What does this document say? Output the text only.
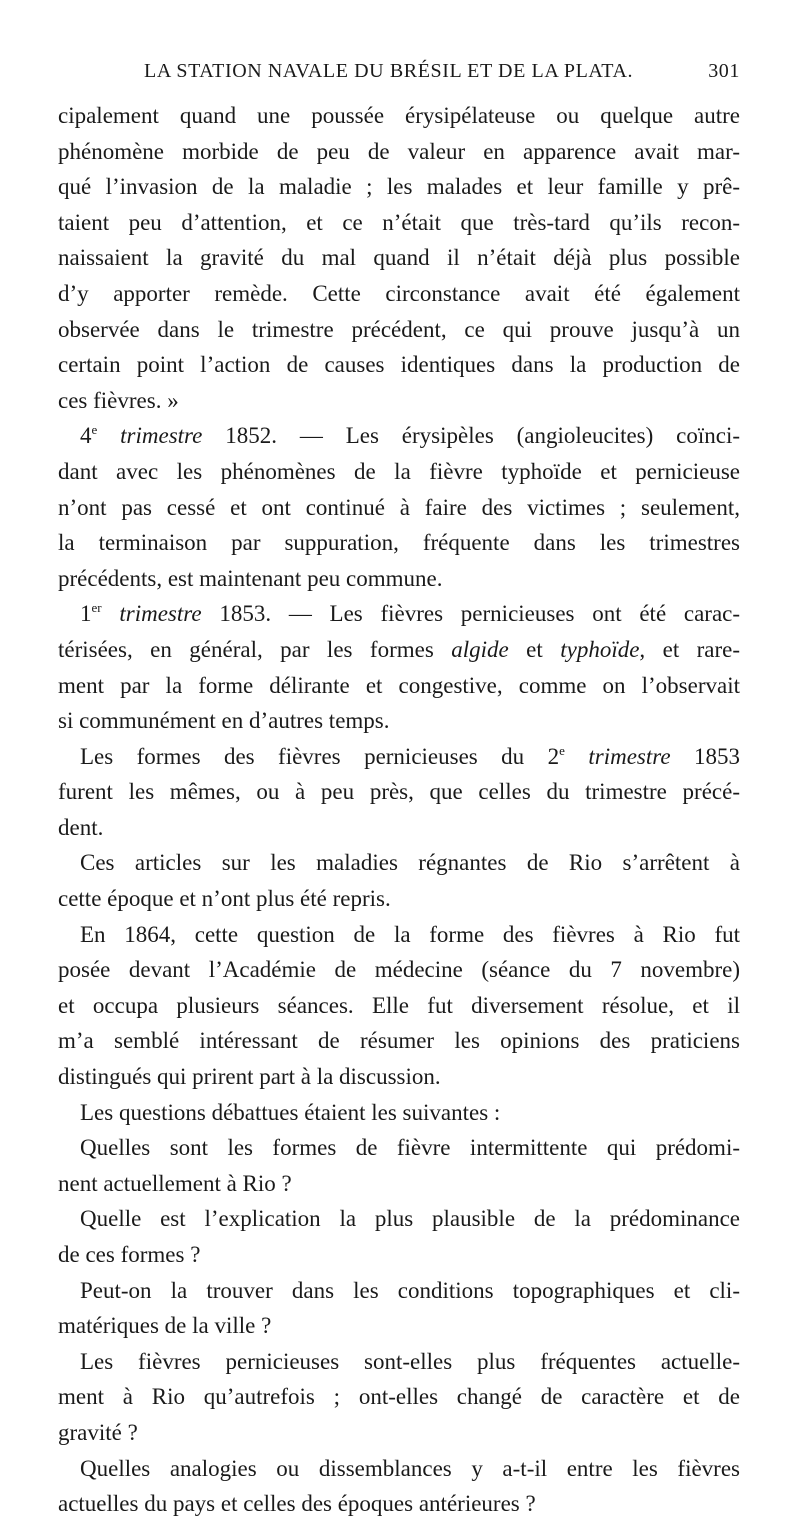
LA STATION NAVALE DU BRÉSIL ET DE LA PLATA.	301
cipalement quand une poussée érysipélateuse ou quelque autre
phénomène morbide de peu de valeur en apparence avait mar-
qué l’invasion de la maladie ; les malades et leur famille y prê-
taient peu d’attention, et ce n’était que très-tard qu’ils recon-
naissaient la gravité du mal quand il n’était déjà plus possible
d’y apporter remède. Cette circonstance avait été également
observée dans le trimestre précédent, ce qui prouve jusqu’à un
certain point l’action de causes identiques dans la production de
ces fièvres. »
4e trimestre 1852. — Les érysipèles (angioleucites) coïnci-
dant avec les phénomènes de la fièvre typhoïde et pernicieuse
n’ont pas cessé et ont continué à faire des victimes ; seulement,
la terminaison par suppuration, fréquente dans les trimestres
précédents, est maintenant peu commune.
1er trimestre 1853. — Les fièvres pernicieuses ont été carac-
térisées, en général, par les formes algide et typhoïde, et rare-
ment par la forme délirante et congestive, comme on l’observait
si communément en d’autres temps.
Les formes des fièvres pernicieuses du 2e trimestre 1853
furent les mêmes, ou à peu près, que celles du trimestre précé-
dent.
Ces articles sur les maladies régnantes de Rio s’arrêtent à
cette époque et n’ont plus été repris.
En 1864, cette question de la forme des fièvres à Rio fut
posée devant l’Académie de médecine (séance du 7 novembre)
et occupa plusieurs séances. Elle fut diversement résolue, et il
m’a semblé intéressant de résumer les opinions des praticiens
distingués qui prirent part à la discussion.
Les questions débattues étaient les suivantes :
Quelles sont les formes de fièvre intermittente qui prédomi-
nent actuellement à Rio ?
Quelle est l’explication la plus plausible de la prédominance
de ces formes ?
Peut-on la trouver dans les conditions topographiques et cli-
matériques de la ville ?
Les fièvres pernicieuses sont-elles plus fréquentes actuelle-
ment à Rio qu’autrefois ; ont-elles changé de caractère et de
gravité ?
Quelles analogies ou dissemblances y a-t-il entre les fièvres
actuelles du pays et celles des époques antérieures ?
